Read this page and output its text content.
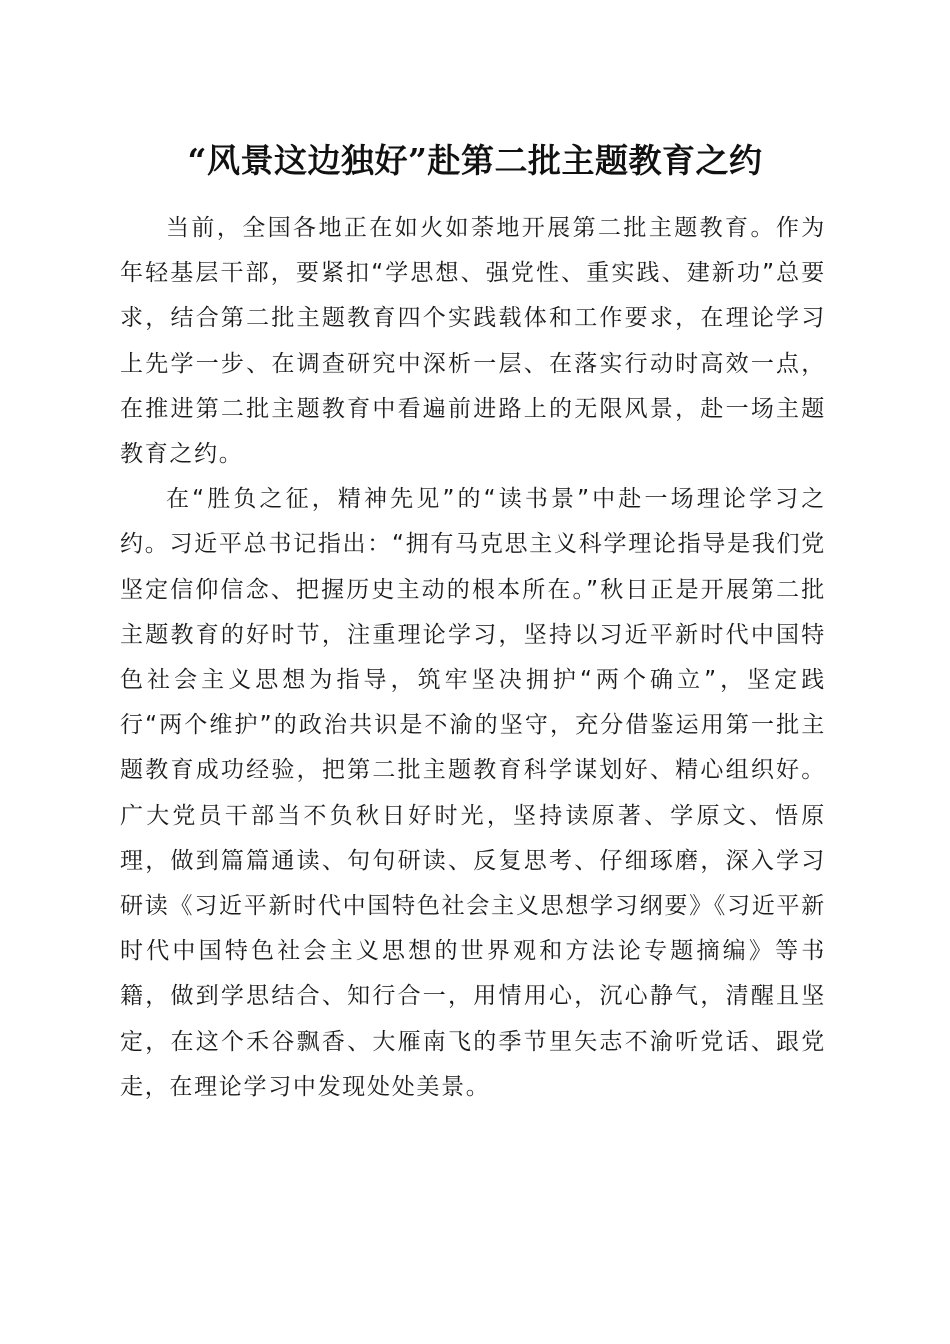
“风景这边独好”赴第二批主题教育之约

当前，全国各地正在如火如荼地开展第二批主题教育。作为年轻基层干部，要紧扣“学思想、强党性、重实践、建新功”总要求，结合第二批主题教育四个实践载体和工作要求，在理论学习上先学一步、在调查研究中深析一层、在落实行动时高效一点，在推进第二批主题教育中看遍前进路上的无限风景，赴一场主题教育之约。

在“胜负之征，精神先见”的“读书景”中赴一场理论学习之约。习近平总书记指出：“拥有马克思主义科学理论指导是我们党坚定信仰信念、把握历史主动的根本所在。”秋日正是开展第二批主题教育的好时节，注重理论学习，坚持以习近平新时代中国特色社会主义思想为指导，筑牢坚决拥护“两个确立”，坚定践行“两个维护”的政治共识是不渝的坚守，充分借鉴运用第一批主题教育成功经验，把第二批主题教育科学谋划好、精心组织好。广大党员干部当不负秋日好时光，坚持读原著、学原文、悟原理，做到篇篇通读、句句研读、反复思考、仔细琢磨，深入学习研读《习近平新时代中国特色社会主义思想学习纲要》《习近平新时代中国特色社会主义思想的世界观和方法论专题摘编》等书籍，做到学思结合、知行合一，用情用心，沉心静气，清醒且坚定，在这个禾谷飘香、大雁南飞的季节里矢志不渝听党话、跟党走，在理论学习中发现处处美景。
